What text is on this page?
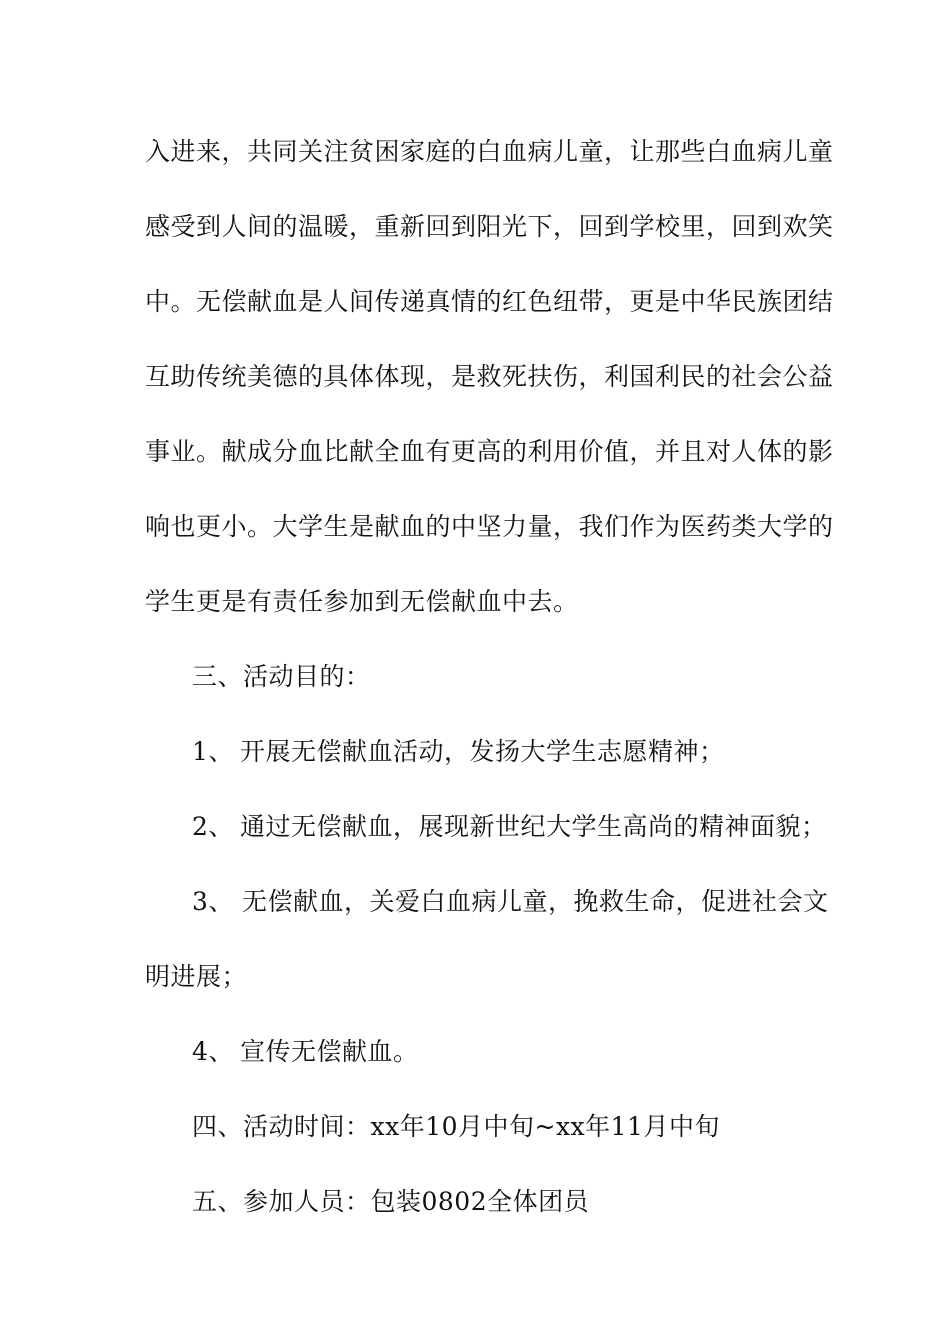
入进来，共同关注贫困家庭的白血病儿童，让那些白血病儿童
感受到人间的温暖，重新回到阳光下，回到学校里，回到欢笑
中。无偿献血是人间传递真情的红色纽带，更是中华民族团结
互助传统美德的具体体现，是救死扶伤，利国利民的社会公益
事业。献成分血比献全血有更高的利用价值，并且对人体的影
响也更小。大学生是献血的中坚力量，我们作为医药类大学的
学生更是有责任参加到无偿献血中去。
三、活动目的：
1、 开展无偿献血活动，发扬大学生志愿精神；
2、 通过无偿献血，展现新世纪大学生高尚的精神面貌；
3、 无偿献血，关爱白血病儿童，挽救生命，促进社会文
明进展；
4、 宣传无偿献血。
四、活动时间：xx年10月中旬~xx年11月中旬
五、参加人员：包装0802全体团员
